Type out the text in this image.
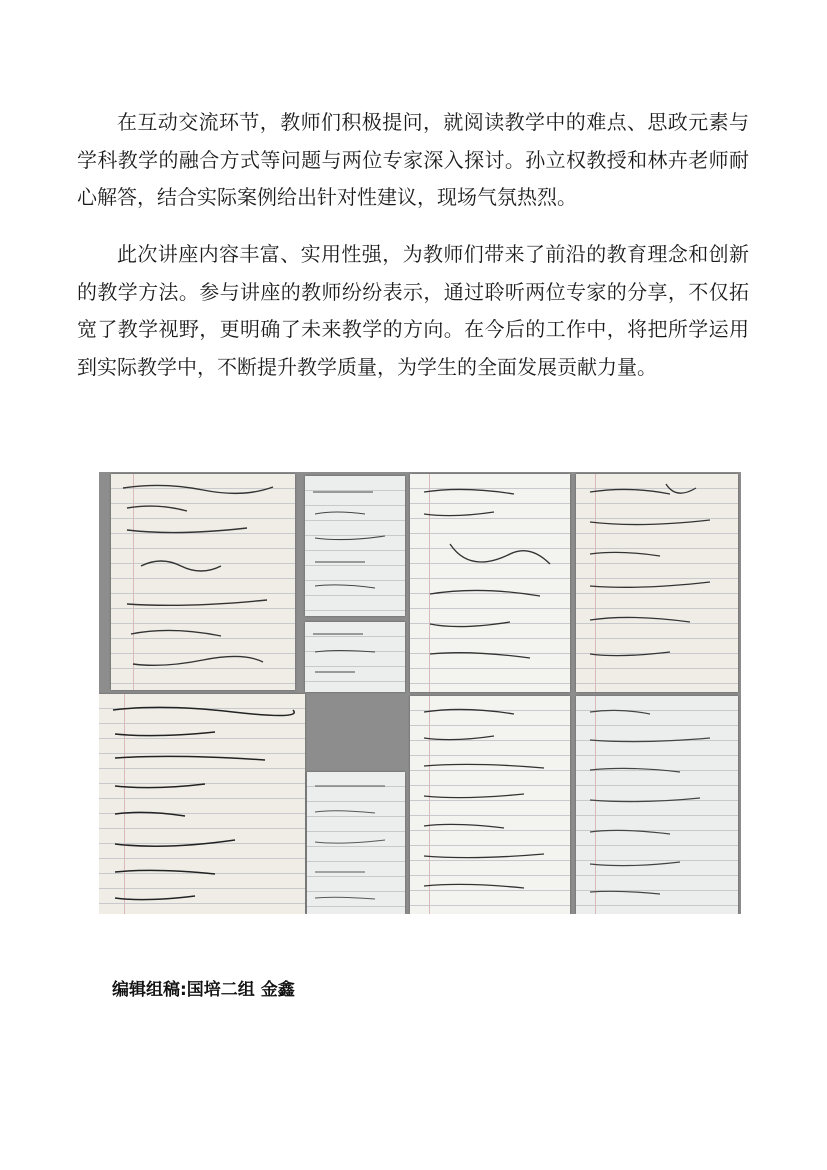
在互动交流环节，教师们积极提问，就阅读教学中的难点、思政元素与学科教学的融合方式等问题与两位专家深入探讨。孙立权教授和林卉老师耐心解答，结合实际案例给出针对性建议，现场气氛热烈。

此次讲座内容丰富、实用性强，为教师们带来了前沿的教育理念和创新的教学方法。参与讲座的教师纷纷表示，通过聆听两位专家的分享，不仅拓宽了教学视野，更明确了未来教学的方向。在今后的工作中，将把所学运用到实际教学中，不断提升教学质量，为学生的全面发展贡献力量。

编辑组稿:国培二组 金鑫
